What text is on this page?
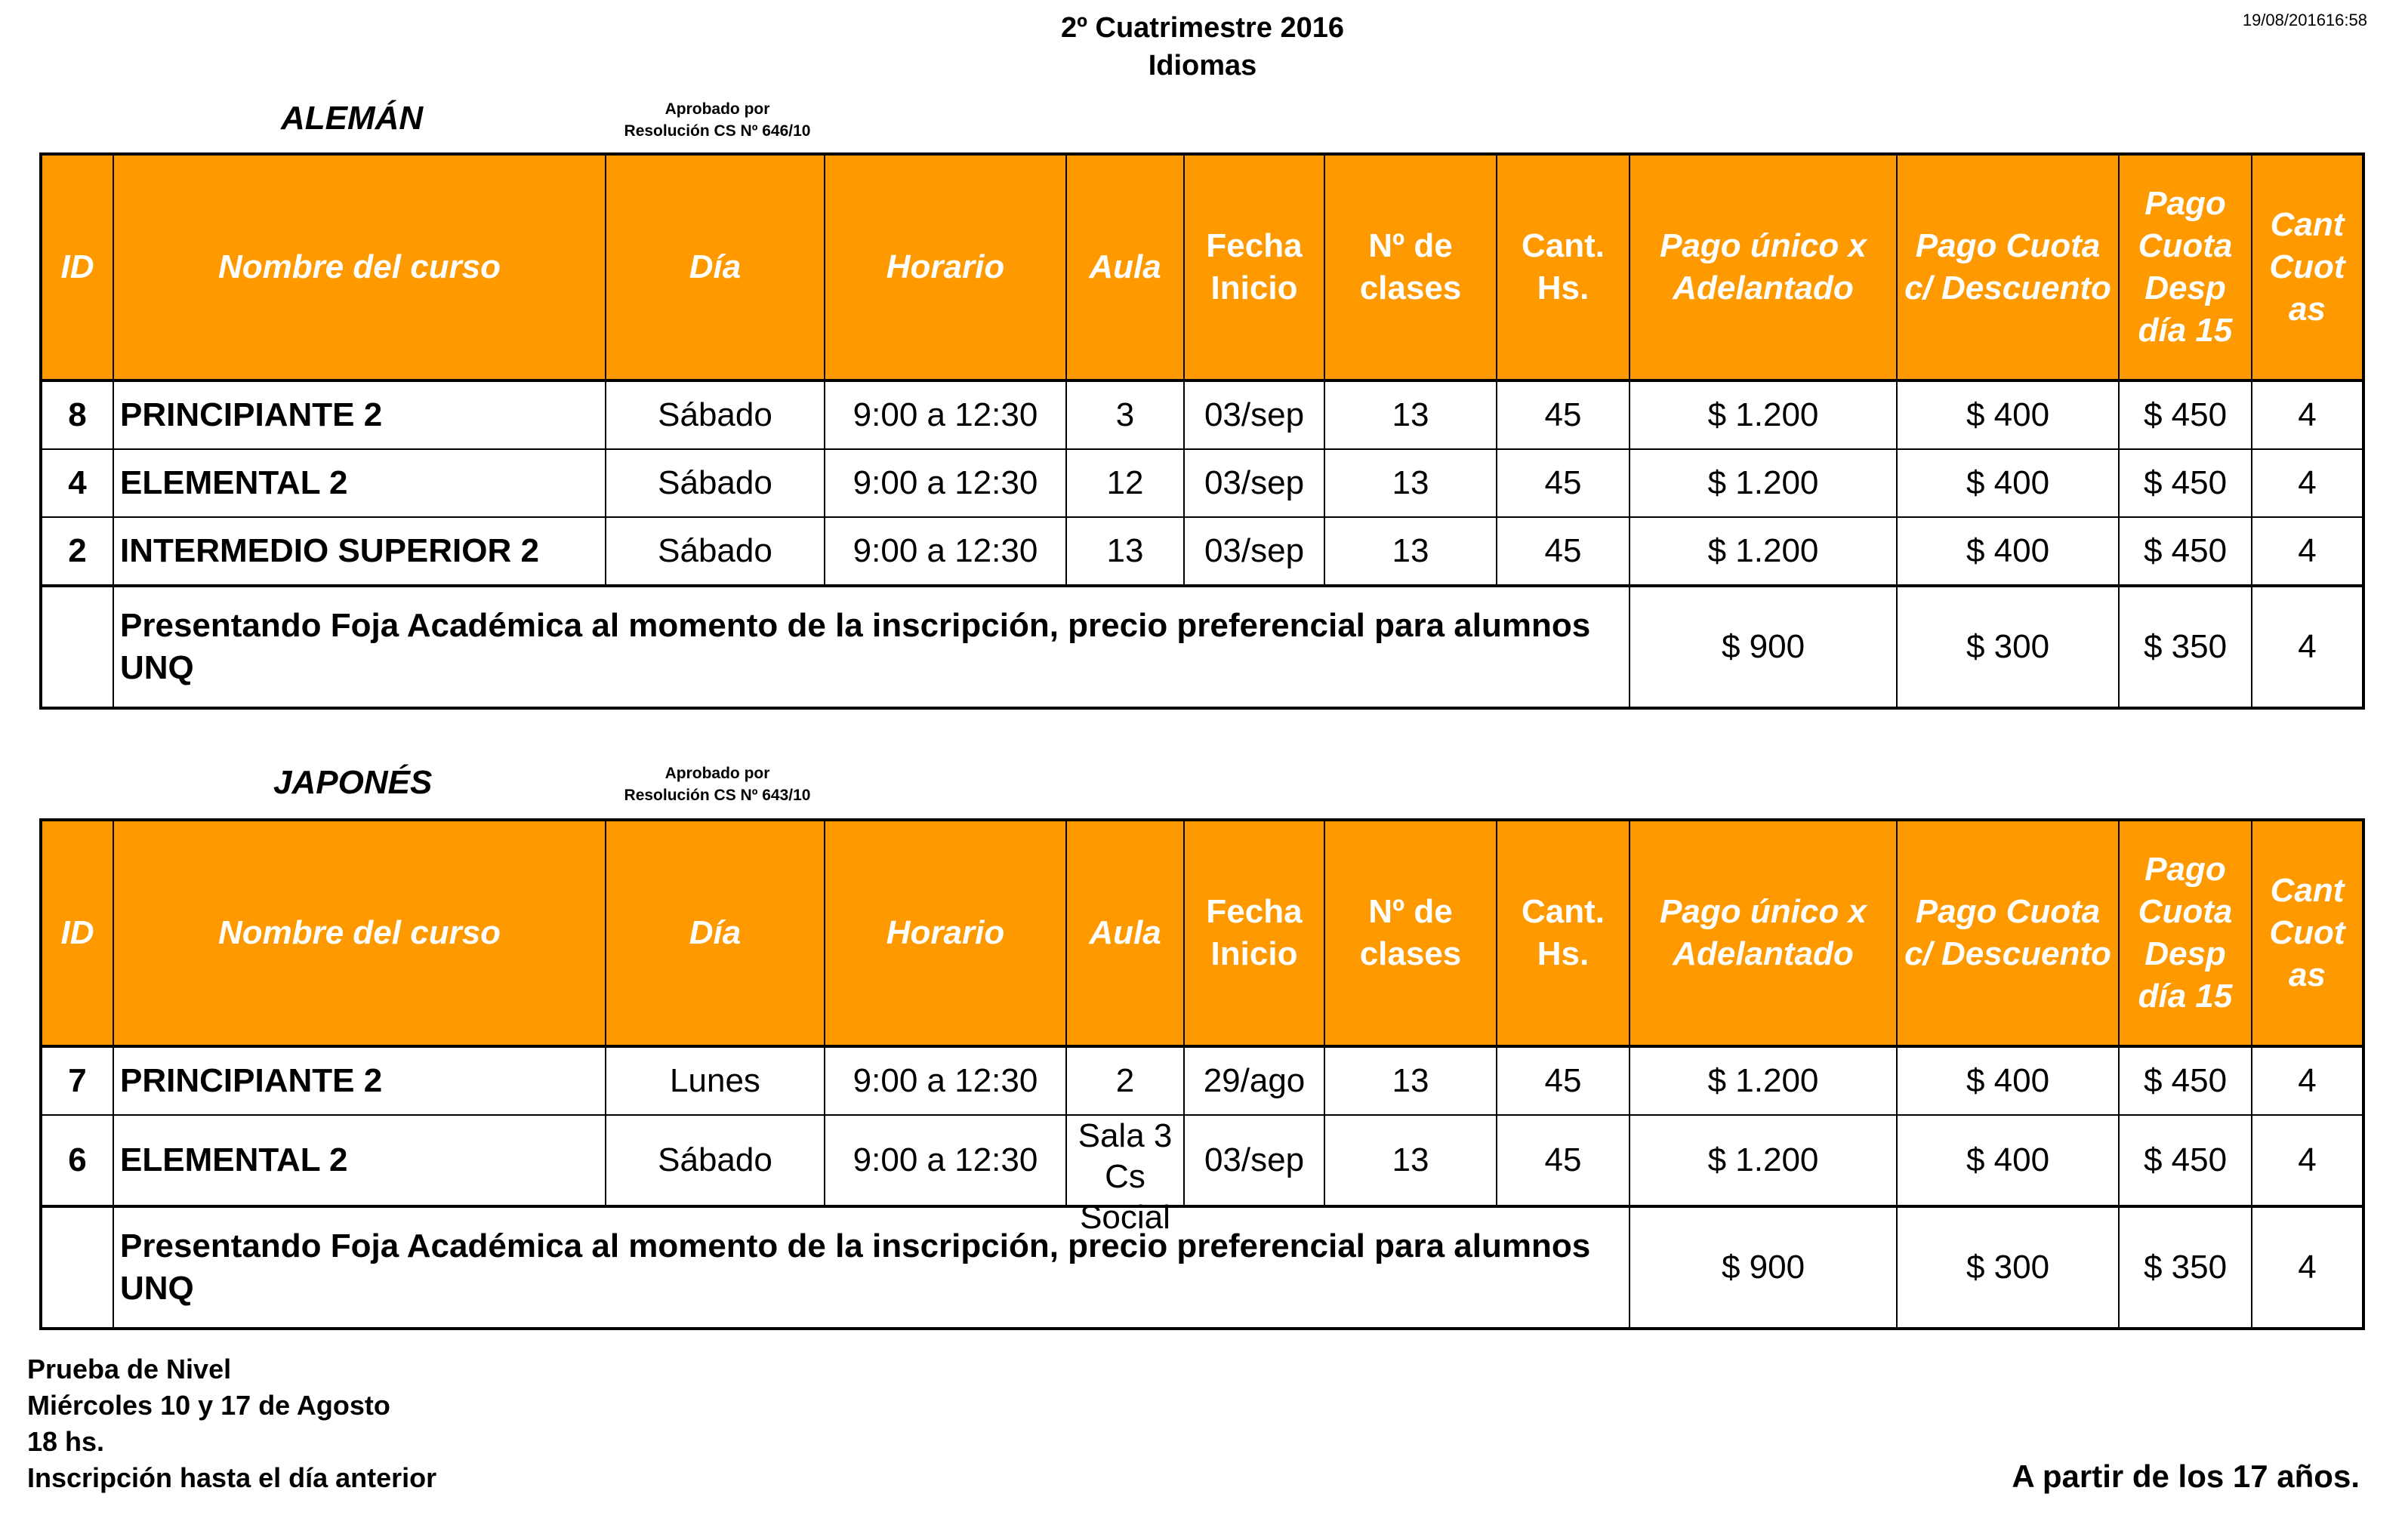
2º Cuatrimestre 2016
Idiomas
19/08/201616:58
ALEMÁN	Aprobado por
Resolución CS Nº 646/10
ID	Nombre del curso	Día	Horario	Aula	Fecha Inicio	Nº de clases	Cant. Hs.	Pago único x Adelantado	Pago Cuota c/ Descuento	Pago Cuota Desp día 15	Cant Cuot as
8	PRINCIPIANTE 2	Sábado	9:00 a 12:30	3	03/sep	13	45	$ 1.200	$ 400	$ 450	4
4	ELEMENTAL 2	Sábado	9:00 a 12:30	12	03/sep	13	45	$ 1.200	$ 400	$ 450	4
2	INTERMEDIO SUPERIOR 2	Sábado	9:00 a 12:30	13	03/sep	13	45	$ 1.200	$ 400	$ 450	4
	Presentando Foja Académica al momento de la inscripción, precio preferencial para alumnos UNQ							$ 900	$ 300	$ 350	4
JAPONÉS	Aprobado por
Resolución CS Nº 643/10
ID	Nombre del curso	Día	Horario	Aula	Fecha Inicio	Nº de clases	Cant. Hs.	Pago único x Adelantado	Pago Cuota c/ Descuento	Pago Cuota Desp día 15	Cant Cuot as
7	PRINCIPIANTE 2	Lunes	9:00 a 12:30	2	29/ago	13	45	$ 1.200	$ 400	$ 450	4
6	ELEMENTAL 2	Sábado	9:00 a 12:30	Sala 3 Cs Social	03/sep	13	45	$ 1.200	$ 400	$ 450	4
	Presentando Foja Académica al momento de la inscripción, precio preferencial para alumnos UNQ							$ 900	$ 300	$ 350	4
Prueba de Nivel
Miércoles 10 y 17 de Agosto
18 hs.
Inscripción hasta el día anterior	A partir de los 17 años.
